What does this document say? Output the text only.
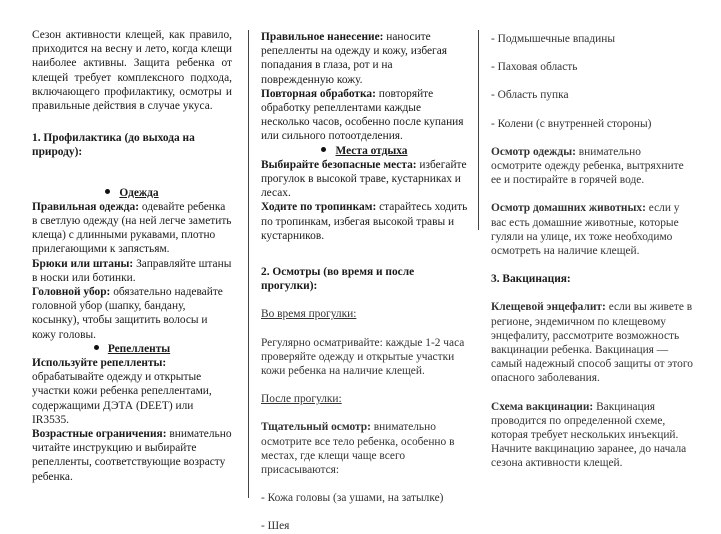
Сезон активности клещей, как правило, приходится на весну и лето, когда клещи наиболее активны. Защита ребенка от клещей требует комплексного подхода, включающего профилактику, осмотры и правильные действия в случае укуса.

1. Профилактика (до выхода на природу):

Одежда

Правильная одежда: одевайте ребенка в светлую одежду (на ней легче заметить клеща) с длинными рукавами, плотно прилегающими к запястьям.

Брюки или штаны: Заправляйте штаны в носки или ботинки.

Головной убор: обязательно надевайте головной убор (шапку, бандану, косынку), чтобы защитить волосы и кожу головы.

Репелленты

Используйте репелленты: обрабатывайте одежду и открытые участки кожи ребенка репеллентами, содержащими ДЭТА (DEET) или IR3535.

Возрастные ограничения: внимательно читайте инструкцию и выбирайте репелленты, соответствующие возрасту ребенка.

Правильное нанесение: наносите репелленты на одежду и кожу, избегая попадания в глаза, рот и на поврежденную кожу.

Повторная обработка: повторяйте обработку репеллентами каждые несколько часов, особенно после купания или сильного потоотделения.

Места отдыха

Выбирайте безопасные места: избегайте прогулок в высокой траве, кустарниках и лесах.

Ходите по тропинкам: старайтесь ходить по тропинкам, избегая высокой травы и кустарников.

2. Осмотры (во время и после прогулки):

Во время прогулки:

Регулярно осматривайте: каждые 1-2 часа проверяйте одежду и открытые участки кожи ребенка на наличие клещей.

После прогулки:

Тщательный осмотр: внимательно осмотрите все тело ребенка, особенно в местах, где клещи чаще всего присасываются:

- Кожа головы (за ушами, на затылке)

- Шея

- Подмышечные впадины

- Паховая область

- Область пупка

- Колени (с внутренней стороны)

Осмотр одежды: внимательно осмотрите одежду ребенка, вытряхните ее и постирайте в горячей воде.

Осмотр домашних животных: если у вас есть домашние животные, которые гуляли на улице, их тоже необходимо осмотреть на наличие клещей.

3. Вакцинация:

Клещевой энцефалит: если вы живете в регионе, эндемичном по клещевому энцефалиту, рассмотрите возможность вакцинации ребенка. Вакцинация — самый надежный способ защиты от этого опасного заболевания.

Схема вакцинации: Вакцинация проводится по определенной схеме, которая требует нескольких инъекций. Начните вакцинацию заранее, до начала сезона активности клещей.
